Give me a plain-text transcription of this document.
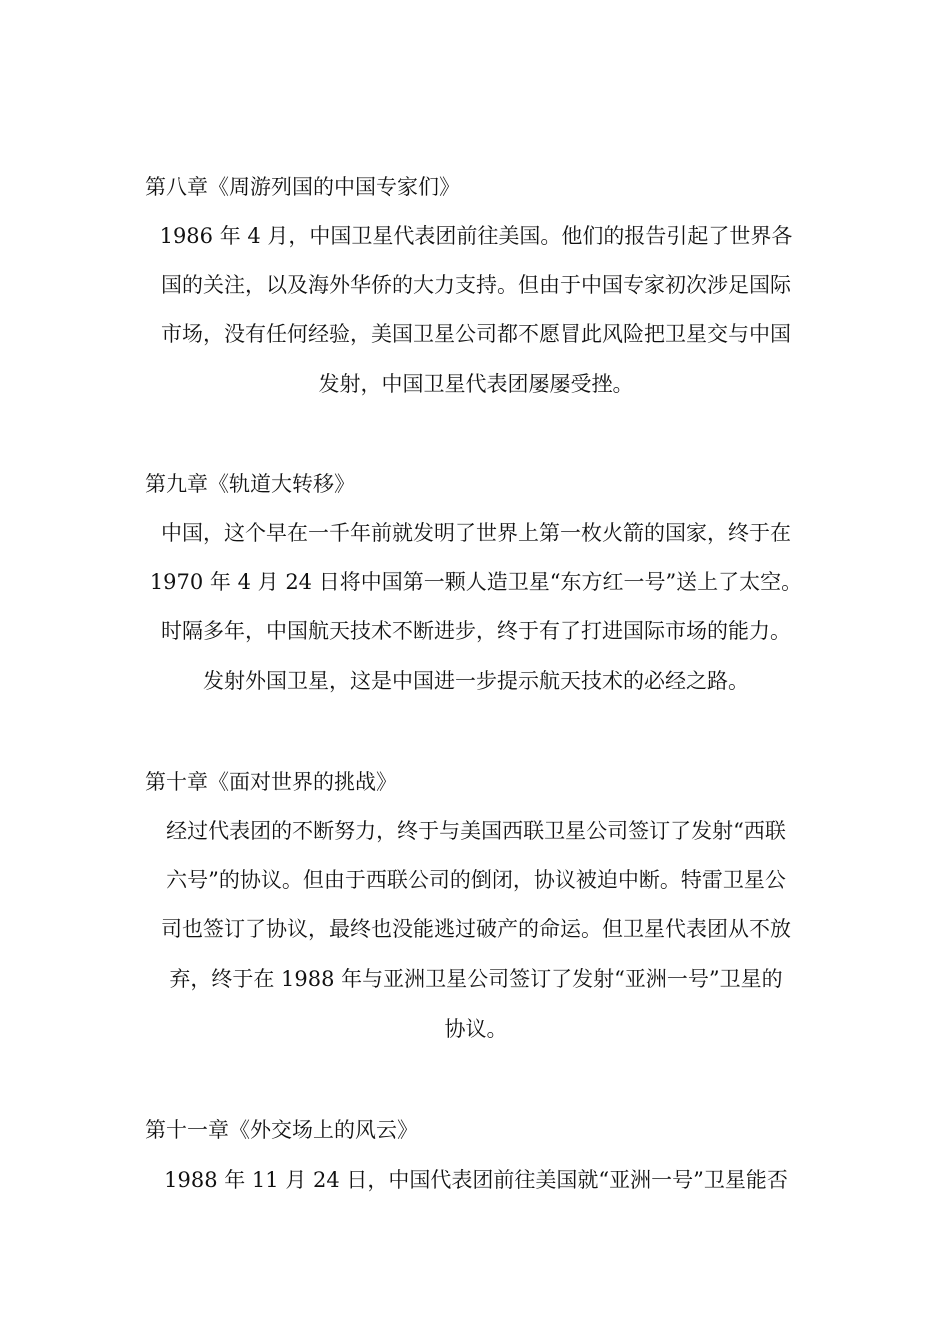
第八章《周游列国的中国专家们》
1986 年 4 月，中国卫星代表团前往美国。他们的报告引起了世界各
国的关注，以及海外华侨的大力支持。但由于中国专家初次涉足国际
市场，没有任何经验，美国卫星公司都不愿冒此风险把卫星交与中国
发射，中国卫星代表团屡屡受挫。
第九章《轨道大转移》
中国，这个早在一千年前就发明了世界上第一枚火箭的国家，终于在
1970 年 4 月 24 日将中国第一颗人造卫星“东方红一号”送上了太空。
时隔多年，中国航天技术不断进步，终于有了打进国际市场的能力。
发射外国卫星，这是中国进一步提示航天技术的必经之路。
第十章《面对世界的挑战》
经过代表团的不断努力，终于与美国西联卫星公司签订了发射“西联
六号”的协议。但由于西联公司的倒闭，协议被迫中断。特雷卫星公
司也签订了协议，最终也没能逃过破产的命运。但卫星代表团从不放
弃，终于在 1988 年与亚洲卫星公司签订了发射“亚洲一号”卫星的
协议。
第十一章《外交场上的风云》
1988 年 11 月 24 日，中国代表团前往美国就“亚洲一号”卫星能否
